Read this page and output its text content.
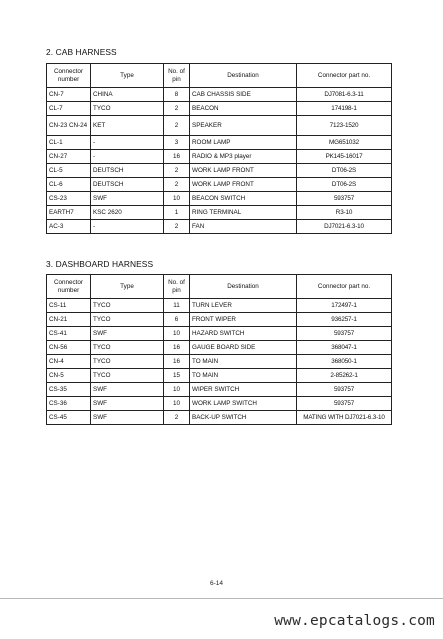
2. CAB HARNESS
Connector number	Type	No. of pin	Destination	Connector part no.
CN-7	CHINA	8	CAB CHASSIS SIDE	DJ7081-6.3-11
CL-7	TYCO	2	BEACON	174198-1
CN-23 CN-24	KET	2	SPEAKER	7123-1520
CL-1	-	3	ROOM LAMP	MG651032
CN-27	-	16	RADIO & MP3 player	PK145-16017
CL-5	DEUTSCH	2	WORK LAMP FRONT	DT06-2S
CL-6	DEUTSCH	2	WORK LAMP FRONT	DT06-2S
CS-23	SWF	10	BEACON SWITCH	593757
EARTH7	KSC 2620	1	RING TERMINAL	R3-10
AC-3	-	2	FAN	DJ7021-6.3-10
3. DASHBOARD HARNESS
Connector number	Type	No. of pin	Destination	Connector part no.
CS-11	TYCO	11	TURN LEVER	172497-1
CN-21	TYCO	6	FRONT WIPER	936257-1
CS-41	SWF	10	HAZARD SWITCH	593757
CN-56	TYCO	16	GAUGE BOARD SIDE	368047-1
CN-4	TYCO	16	TO MAIN	368050-1
CN-5	TYCO	15	TO MAIN	2-85262-1
CS-35	SWF	10	WIPER SWITCH	593757
CS-36	SWF	10	WORK LAMP SWITCH	593757
CS-45	SWF	2	BACK-UP SWITCH	MATING WITH DJ7021-6.3-10
6-14
www.epcatalogs.com
